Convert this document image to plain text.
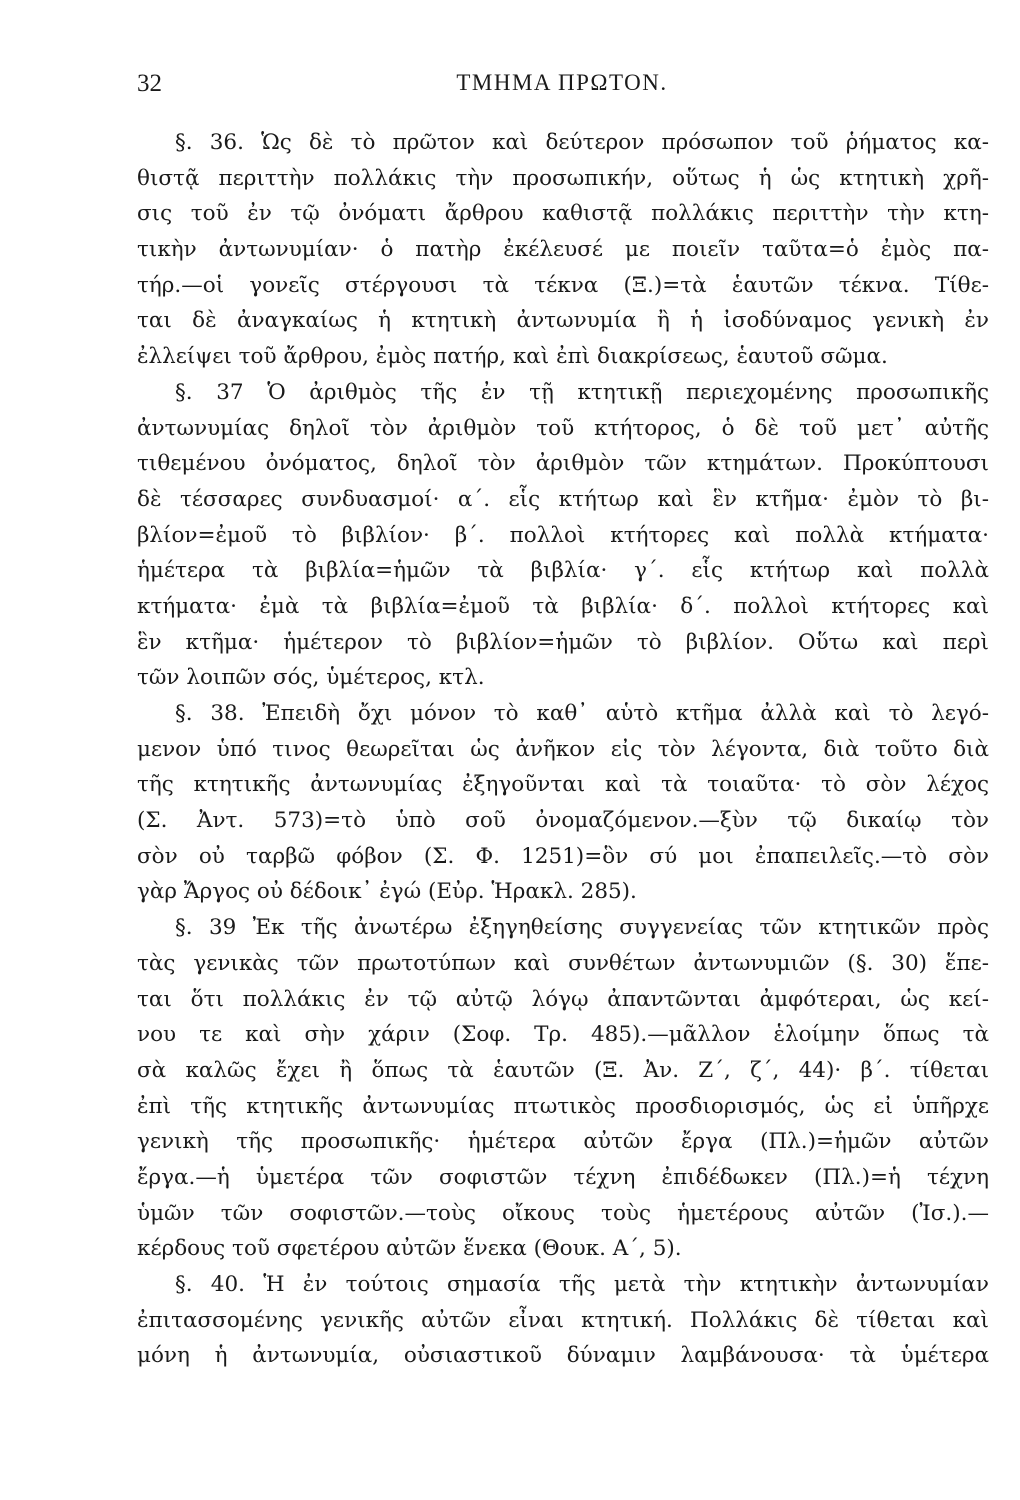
32	ΤΜΗΜΑ ΠΡΩΤΟΝ.
§. 36. Ὡς δὲ τὸ πρῶτον καὶ δεύτερον πρόσωπον τοῦ ῥήματος κα-
θιστᾷ περιττὴν πολλάκις τὴν προσωπικήν, οὕτως ἡ ὡς κτητικὴ χρῆ-
σις τοῦ ἐν τῷ ὀνόματι ἄρθρου καθιστᾷ πολλάκις περιττὴν τὴν κτη-
τικὴν ἀντωνυμίαν· ὁ πατὴρ ἐκέλευσέ με ποιεῖν ταῦτα=ὁ ἐμὸς πα-
τήρ.—οἱ γονεῖς στέργουσι τὰ τέκνα (Ξ.)=τὰ ἑαυτῶν τέκνα. Τίθε-
ται δὲ ἀναγκαίως ἡ κτητικὴ ἀντωνυμία ἢ ἡ ἰσοδύναμος γενικὴ ἐν
ἐλλείψει τοῦ ἄρθρου, ἐμὸς πατήρ, καὶ ἐπὶ διακρίσεως, ἑαυτοῦ σῶμα.
§. 37 Ὁ ἀριθμὸς τῆς ἐν τῇ κτητικῇ περιεχομένης προσωπικῆς
ἀντωνυμίας δηλοῖ τὸν ἀριθμὸν τοῦ κτήτορος, ὁ δὲ τοῦ μετ᾽ αὐτῆς
τιθεμένου ὀνόματος, δηλοῖ τὸν ἀριθμὸν τῶν κτημάτων. Προκύπτουσι
δὲ τέσσαρες συνδυασμοί· α΄. εἷς κτήτωρ καὶ ἓν κτῆμα· ἐμὸν τὸ βι-
βλίον=ἐμοῦ τὸ βιβλίον· β΄. πολλοὶ κτήτορες καὶ πολλὰ κτήματα·
ἡμέτερα τὰ βιβλία=ἡμῶν τὰ βιβλία· γ΄. εἷς κτήτωρ καὶ πολλὰ
κτήματα· ἐμὰ τὰ βιβλία=ἐμοῦ τὰ βιβλία· δ΄. πολλοὶ κτήτορες καὶ
ἓν κτῆμα· ἡμέτερον τὸ βιβλίον=ἡμῶν τὸ βιβλίον. Οὕτω καὶ περὶ
τῶν λοιπῶν σός, ὑμέτερος, κτλ.
§. 38. Ἐπειδὴ ὄχι μόνον τὸ καθ᾽ αὑτὸ κτῆμα ἀλλὰ καὶ τὸ λεγό-
μενον ὑπό τινος θεωρεῖται ὡς ἀνῆκον εἰς τὸν λέγοντα, διὰ τοῦτο διὰ
τῆς κτητικῆς ἀντωνυμίας ἐξηγοῦνται καὶ τὰ τοιαῦτα· τὸ σὸν λέχος
(Σ. Ἀντ. 573)=τὸ ὑπὸ σοῦ ὀνομαζόμενον.—ξὺν τῷ δικαίῳ τὸν
σὸν οὐ ταρβῶ φόβον (Σ. Φ. 1251)=ὃν σύ μοι ἐπαπειλεῖς.—τὸ σὸν
γὰρ Ἄργος οὐ δέδοικ᾽ ἐγώ (Εὐρ. Ἡρακλ. 285).
§. 39 Ἐκ τῆς ἀνωτέρω ἐξηγηθείσης συγγενείας τῶν κτητικῶν πρὸς
τὰς γενικὰς τῶν πρωτοτύπων καὶ συνθέτων ἀντωνυμιῶν (§. 30) ἕπε-
ται ὅτι πολλάκις ἐν τῷ αὐτῷ λόγῳ ἀπαντῶνται ἀμφότεραι, ὡς κεί-
νου τε καὶ σὴν χάριν (Σοφ. Τρ. 485).—μᾶλλον ἑλοίμην ὅπως τὰ
σὰ καλῶς ἔχει ἢ ὅπως τὰ ἑαυτῶν (Ξ. Ἀν. Ζ΄, ζ΄, 44)· β΄. τίθεται
ἐπὶ τῆς κτητικῆς ἀντωνυμίας πτωτικὸς προσδιορισμός, ὡς εἰ ὑπῆρχε
γενικὴ τῆς προσωπικῆς· ἡμέτερα αὐτῶν ἔργα (Πλ.)=ἡμῶν αὐτῶν
ἔργα.—ἡ ὑμετέρα τῶν σοφιστῶν τέχνη ἐπιδέδωκεν (Πλ.)=ἡ τέχνη
ὑμῶν τῶν σοφιστῶν.—τοὺς οἴκους τοὺς ἡμετέρους αὐτῶν (Ἰσ.).—
κέρδους τοῦ σφετέρου αὐτῶν ἕνεκα (Θουκ. Α΄, 5).
§. 40. Ἡ ἐν τούτοις σημασία τῆς μετὰ τὴν κτητικὴν ἀντωνυμίαν
ἐπιτασσομένης γενικῆς αὐτῶν εἶναι κτητική. Πολλάκις δὲ τίθεται καὶ
μόνη ἡ ἀντωνυμία, οὐσιαστικοῦ δύναμιν λαμβάνουσα· τὰ ὑμέτερα
